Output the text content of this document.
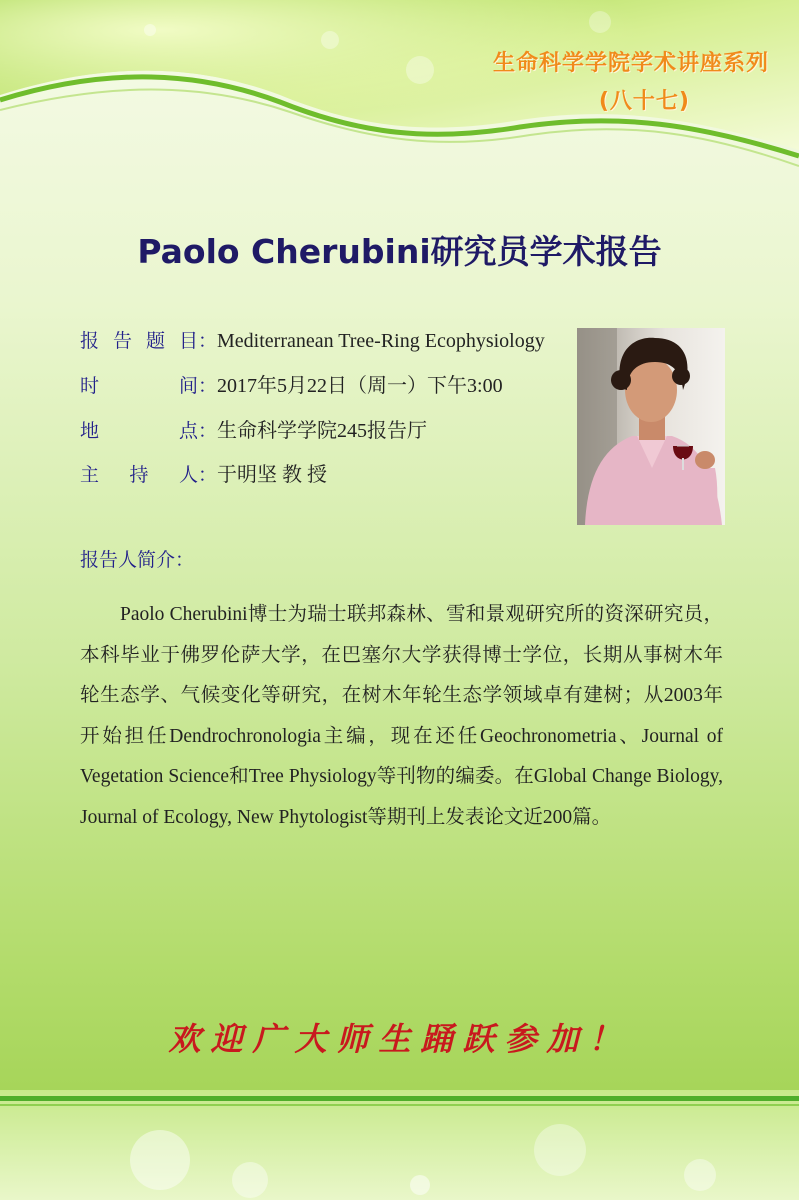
生命科学学院学术讲座系列
(八十七)
Paolo Cherubini研究员学术报告
报告题目：Mediterranean Tree-Ring Ecophysiology
时间：2017年5月22日（周一）下午3:00
地点：生命科学学院245报告厅
主持人：于明坚 教 授
报告人简介：

Paolo Cherubini博士为瑞士联邦森林、雪和景观研究所的资深研究员，本科毕业于佛罗伦萨大学，在巴塞尔大学获得博士学位，长期从事树木年轮生态学、气候变化等研究，在树木年轮生态学领域卓有建树；从2003年开始担任Dendrochronologia主编，现在还任Geochronometria、Journal of Vegetation Science和Tree Physiology等刊物的编委。在Global Change Biology, Journal of Ecology, New Phytologist等期刊上发表论文近200篇。

欢迎广大师生踊跃参加！
